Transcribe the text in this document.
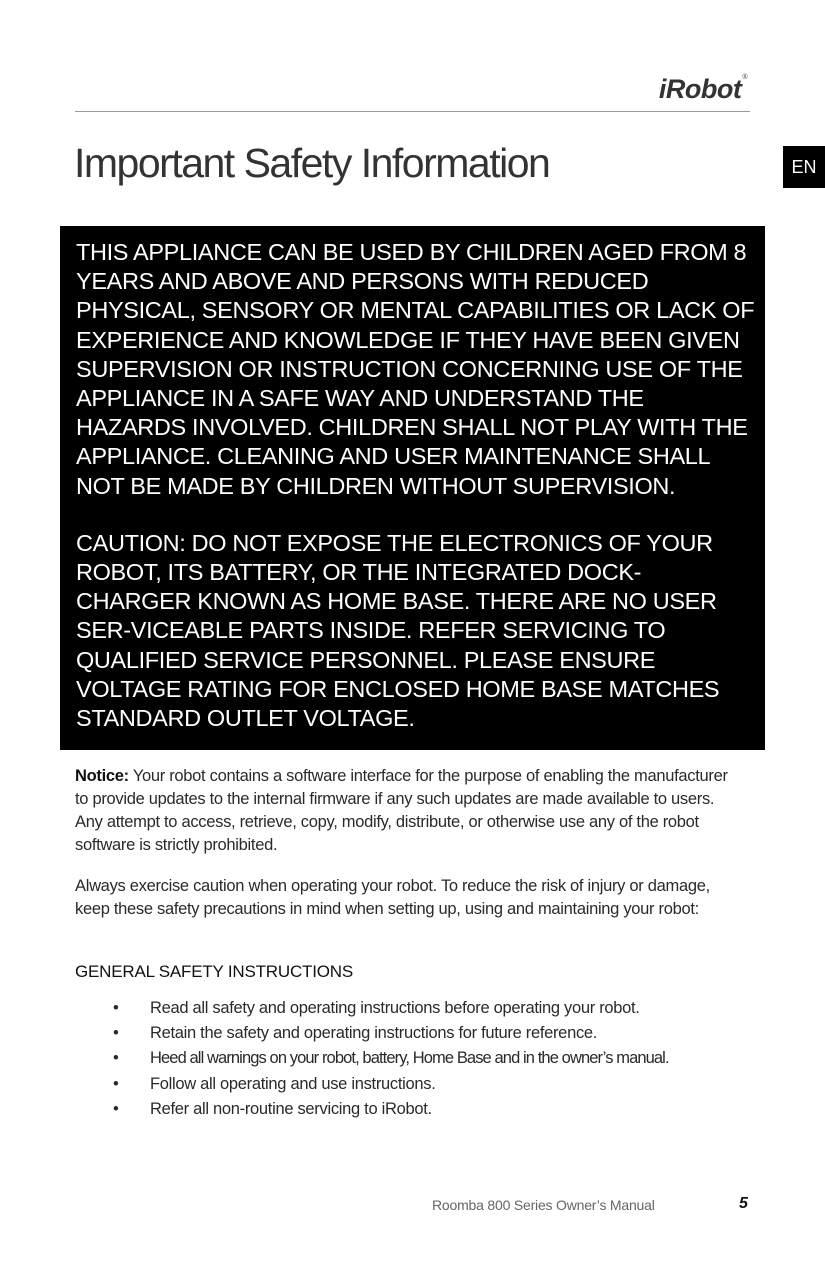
iRobot®
Important Safety Information	EN

THIS APPLIANCE CAN BE USED BY CHILDREN AGED FROM 8 YEARS AND ABOVE AND PERSONS WITH REDUCED PHYSICAL, SENSORY OR MENTAL CAPABILITIES OR LACK OF EXPERIENCE AND KNOWLEDGE IF THEY HAVE BEEN GIVEN SUPERVISION OR INSTRUCTION CONCERNING USE OF THE APPLIANCE IN A SAFE WAY AND UNDERSTAND THE HAZARDS INVOLVED. CHILDREN SHALL NOT PLAY WITH THE APPLIANCE. CLEANING AND USER MAINTENANCE SHALL NOT BE MADE BY CHILDREN WITHOUT SUPERVISION.

CAUTION: DO NOT EXPOSE THE ELECTRONICS OF YOUR ROBOT, ITS BATTERY, OR THE INTEGRATED DOCK-CHARGER KNOWN AS HOME BASE. THERE ARE NO USER SER-VICEABLE PARTS INSIDE. REFER SERVICING TO QUALIFIED SERVICE PERSONNEL. PLEASE ENSURE VOLTAGE RATING FOR ENCLOSED HOME BASE MATCHES STANDARD OUTLET VOLTAGE.

Notice: Your robot contains a software interface for the purpose of enabling the manufacturer to provide updates to the internal firmware if any such updates are made available to users. Any attempt to access, retrieve, copy, modify, distribute, or otherwise use any of the robot software is strictly prohibited.
Always exercise caution when operating your robot. To reduce the risk of injury or damage, keep these safety precautions in mind when setting up, using and maintaining your robot:
GENERAL SAFETY INSTRUCTIONS
• Read all safety and operating instructions before operating your robot.
• Retain the safety and operating instructions for future reference.
• Heed all warnings on your robot, battery, Home Base and in the owner’s manual.
• Follow all operating and use instructions.
• Refer all non-routine servicing to iRobot.
Roomba 800 Series Owner’s Manual	5
